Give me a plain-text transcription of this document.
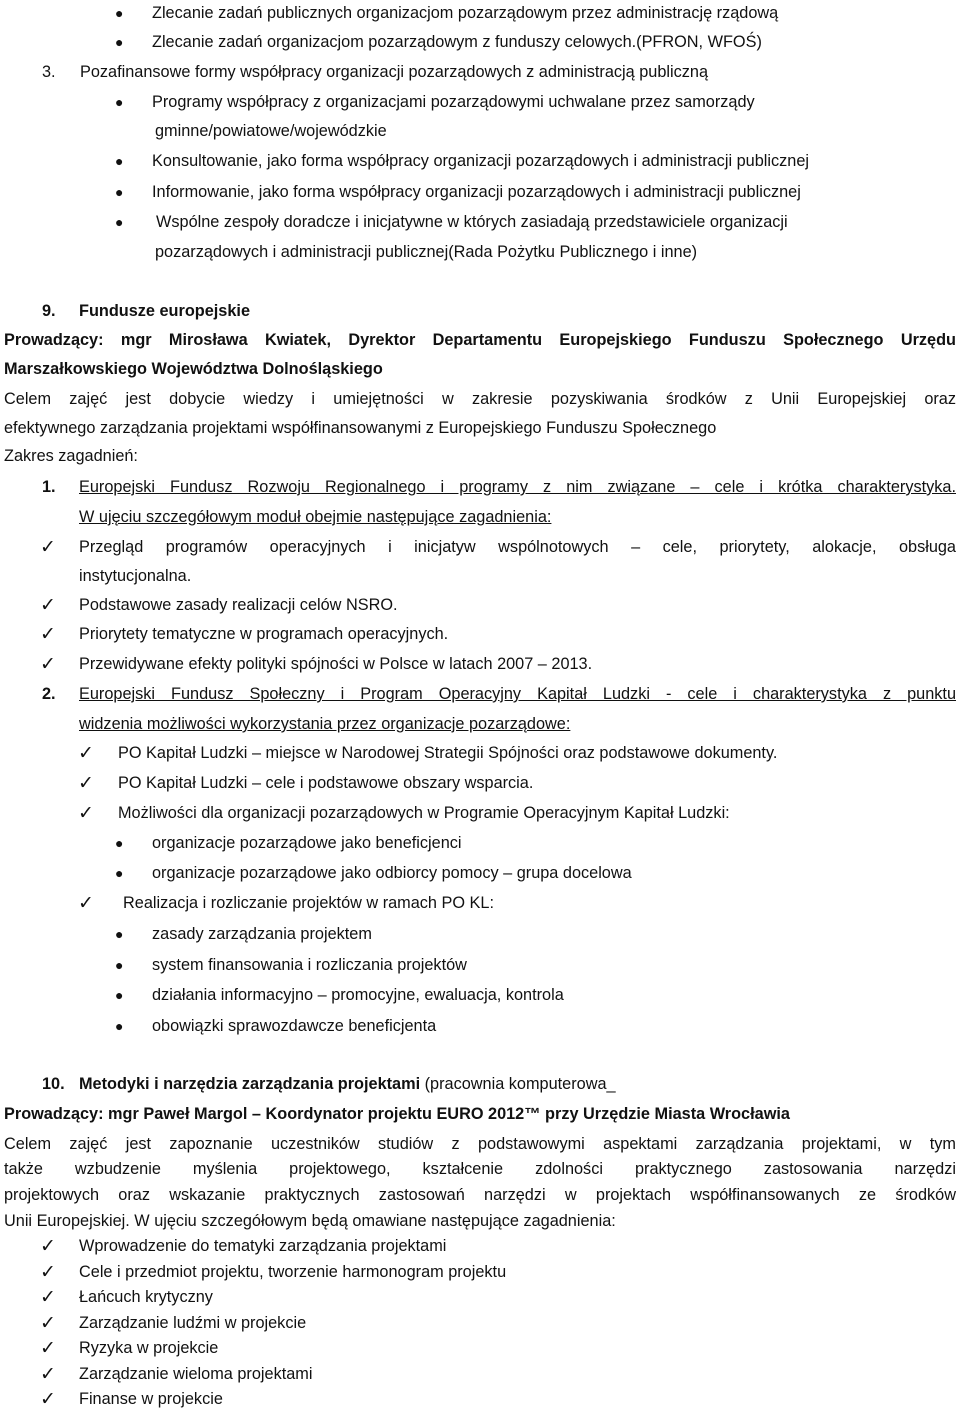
● Zlecanie zadań publicznych organizacjom pozarządowym przez administrację rządową
● Zlecanie zadań organizacjom pozarządowym z funduszy celowych.(PFRON, WFOŚ)
3. Pozafinansowe formy współpracy organizacji pozarządowych z administracją publiczną
● Programy współpracy z organizacjami pozarządowymi uchwalane przez samorządy
gminne/powiatowe/wojewódzkie
● Konsultowanie, jako forma współpracy organizacji pozarządowych i administracji publicznej
● Informowanie, jako forma współpracy organizacji pozarządowych i administracji publicznej
● Wspólne zespoły doradcze i inicjatywne w których zasiadają przedstawiciele organizacji
pozarządowych i administracji publicznej(Rada Pożytku Publicznego i inne)
9. Fundusze europejskie
Prowadzący: mgr Mirosława Kwiatek, Dyrektor Departamentu Europejskiego Funduszu Społecznego Urzędu
Marszałkowskiego Województwa Dolnośląskiego
Celem zajęć jest dobycie wiedzy i umiejętności w zakresie pozyskiwania środków z Unii Europejskiej oraz
efektywnego zarządzania projektami współfinansowanymi z Europejskiego Funduszu Społecznego
Zakres zagadnień:
1. Europejski Fundusz Rozwoju Regionalnego i programy z nim związane – cele i krótka charakterystyka.
W ujęciu szczegółowym moduł obejmie następujące zagadnienia:
✓ Przegląd programów operacyjnych i inicjatyw wspólnotowych – cele, priorytety, alokacje, obsługa
instytucjonalna.
✓ Podstawowe zasady realizacji celów NSRO.
✓ Priorytety tematyczne w programach operacyjnych.
✓ Przewidywane efekty polityki spójności w Polsce w latach 2007 – 2013.
2. Europejski Fundusz Społeczny i Program Operacyjny Kapitał Ludzki - cele i charakterystyka z punktu
widzenia możliwości wykorzystania przez organizacje pozarządowe:
✓ PO Kapitał Ludzki – miejsce w Narodowej Strategii Spójności oraz podstawowe dokumenty.
✓ PO Kapitał Ludzki – cele i podstawowe obszary wsparcia.
✓ Możliwości dla organizacji pozarządowych w Programie Operacyjnym Kapitał Ludzki:
● organizacje pozarządowe jako beneficjenci
● organizacje pozarządowe jako odbiorcy pomocy – grupa docelowa
✓ Realizacja i rozliczanie projektów w ramach PO KL:
● zasady zarządzania projektem
● system finansowania i rozliczania projektów
● działania informacyjno – promocyjne, ewaluacja, kontrola
● obowiązki sprawozdawcze beneficjenta
10. Metodyki i narzędzia zarządzania projektami (pracownia komputerowa_
Prowadzący: mgr Paweł Margol – Koordynator projektu EURO 2012™ przy Urzędzie Miasta Wrocławia
Celem zajęć jest zapoznanie uczestników studiów z podstawowymi aspektami zarządzania projektami, w tym
także wzbudzenie myślenia projektowego, kształcenie zdolności praktycznego zastosowania narzędzi
projektowych oraz wskazanie praktycznych zastosowań narzędzi w projektach współfinansowanych ze środków
Unii Europejskiej. W ujęciu szczegółowym będą omawiane następujące zagadnienia:
✓ Wprowadzenie do tematyki zarządzania projektami
✓ Cele i przedmiot projektu, tworzenie harmonogram projektu
✓ Łańcuch krytyczny
✓ Zarządzanie ludźmi w projekcie
✓ Ryzyka w projekcie
✓ Zarządzanie wieloma projektami
✓ Finanse w projekcie
